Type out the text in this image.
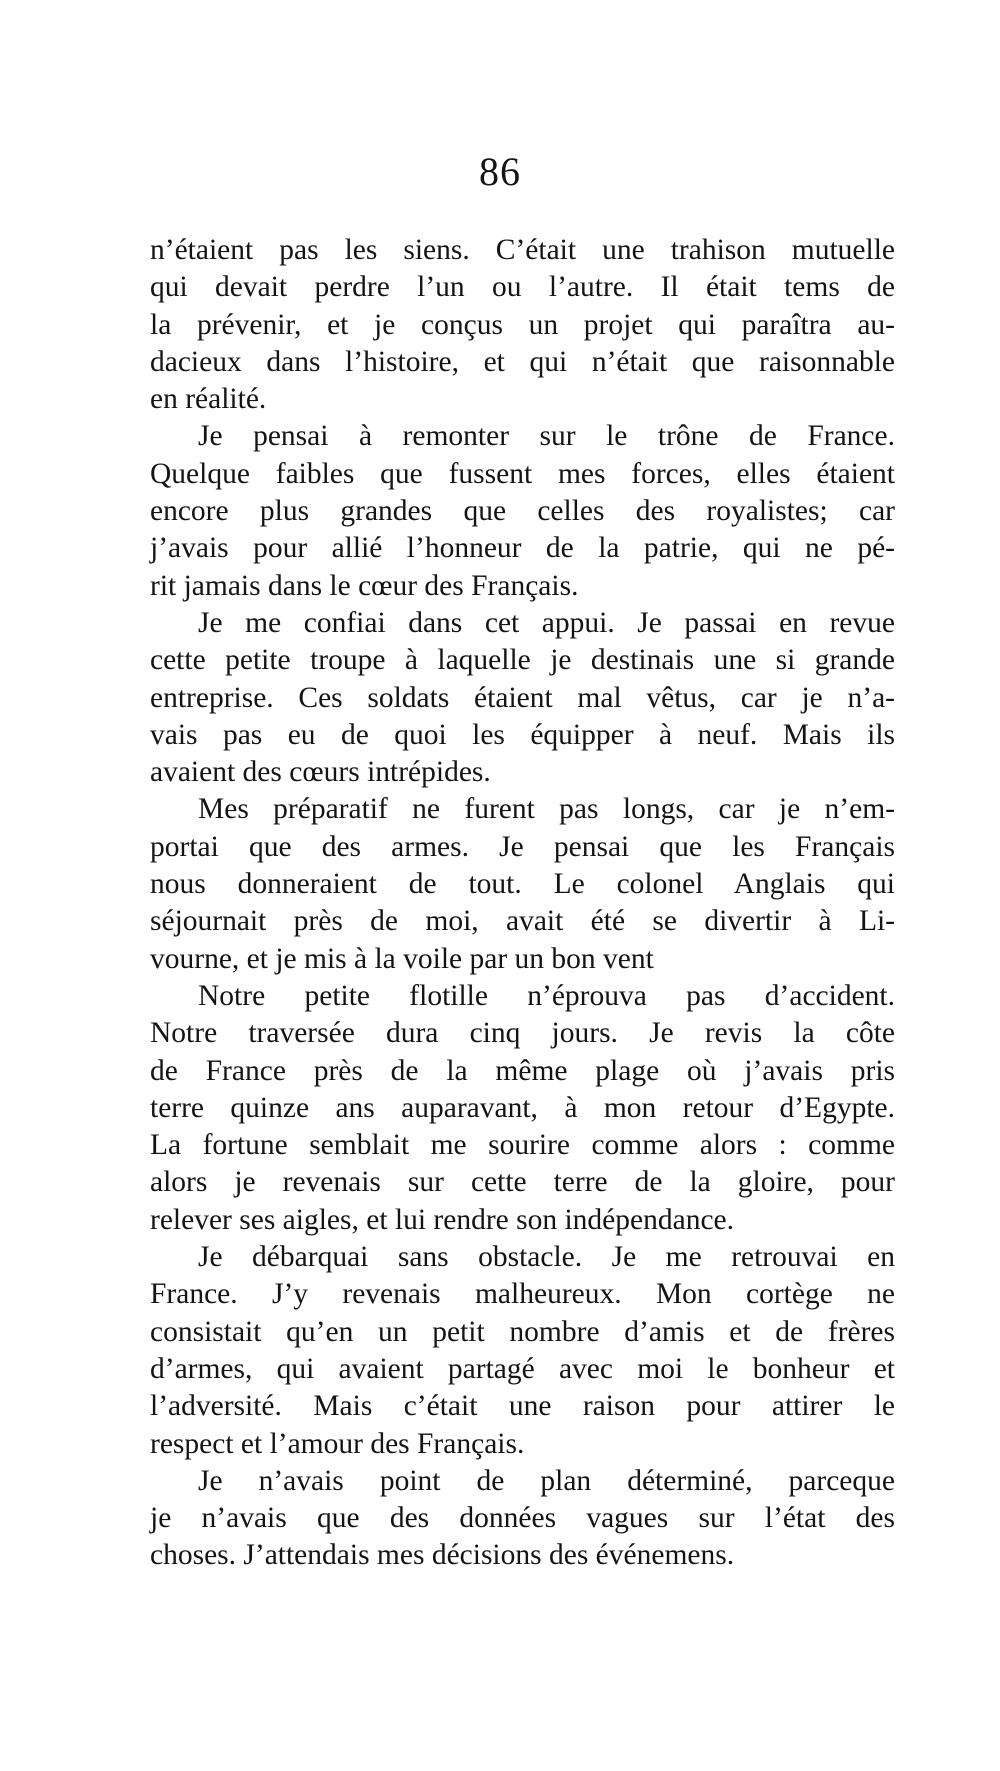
86
n’étaient pas les siens. C’était une trahison mutuelle
qui devait perdre l’un ou l’autre. Il était tems de
la prévenir, et je conçus un projet qui paraîtra au-
dacieux dans l’histoire, et qui n’était que raisonnable
en réalité.
Je pensai à remonter sur le trône de France.
Quelque faibles que fussent mes forces, elles étaient
encore plus grandes que celles des royalistes; car
j’avais pour allié l’honneur de la patrie, qui ne pé-
rit jamais dans le cœur des Français.
Je me confiai dans cet appui. Je passai en revue
cette petite troupe à laquelle je destinais une si grande
entreprise. Ces soldats étaient mal vêtus, car je n’a-
vais pas eu de quoi les équipper à neuf. Mais ils
avaient des cœurs intrépides.
Mes préparatif ne furent pas longs, car je n’em-
portai que des armes. Je pensai que les Français
nous donneraient de tout. Le colonel Anglais qui
séjournait près de moi, avait été se divertir à Li-
vourne, et je mis à la voile par un bon vent
Notre petite flotille n’éprouva pas d’accident.
Notre traversée dura cinq jours. Je revis la côte
de France près de la même plage où j’avais pris
terre quinze ans auparavant, à mon retour d’Egypte.
La fortune semblait me sourire comme alors : comme
alors je revenais sur cette terre de la gloire, pour
relever ses aigles, et lui rendre son indépendance.
Je débarquai sans obstacle. Je me retrouvai en
France. J’y revenais malheureux. Mon cortège ne
consistait qu’en un petit nombre d’amis et de frères
d’armes, qui avaient partagé avec moi le bonheur et
l’adversité. Mais c’était une raison pour attirer le
respect et l’amour des Français.
Je n’avais point de plan déterminé, parceque
je n’avais que des données vagues sur l’état des
choses. J’attendais mes décisions des événemens.
